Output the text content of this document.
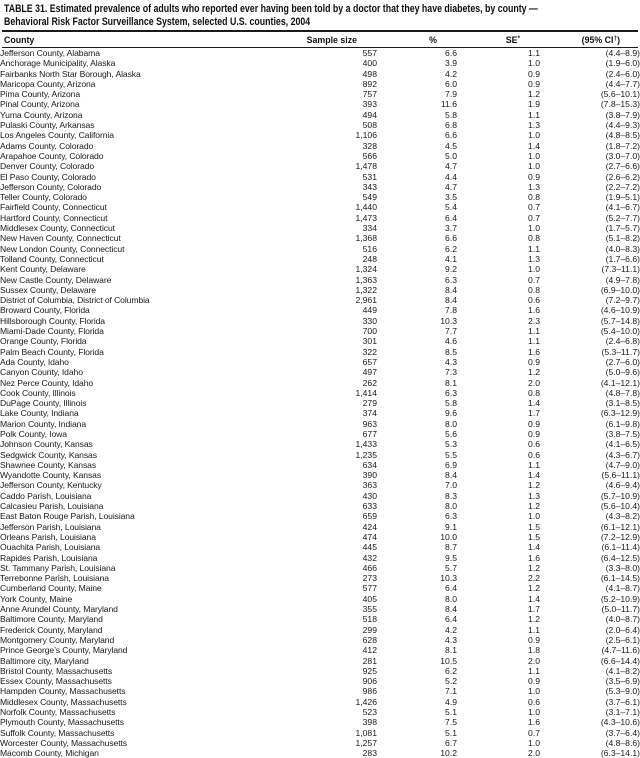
TABLE 31. Estimated prevalence of adults who reported ever having been told by a doctor that they have diabetes, by county —
Behavioral Risk Factor Surveillance System, selected U.S. counties, 2004
County	Sample size	%	SE*	(95% CI†)
Jefferson County, Alabama	557	6.6	1.1	(4.4–8.9)
Anchorage Municipality, Alaska	400	3.9	1.0	(1.9–6.0)
Fairbanks North Star Borough, Alaska	498	4.2	0.9	(2.4–6.0)
Maricopa County, Arizona	892	6.0	0.9	(4.4–7.7)
Pima County, Arizona	757	7.9	1.2	(5.6–10.1)
Pinal County, Arizona	393	11.6	1.9	(7.8–15.3)
Yuma County, Arizona	494	5.8	1.1	(3.8–7.9)
Pulaski County, Arkansas	508	6.8	1.3	(4.4–9.3)
Los Angeles County, California	1,106	6.6	1.0	(4.8–8.5)
Adams County, Colorado	328	4.5	1.4	(1.8–7.2)
Arapahoe County, Colorado	566	5.0	1.0	(3.0–7.0)
Denver County, Colorado	1,478	4.7	1.0	(2.7–6.6)
El Paso County, Colorado	531	4.4	0.9	(2.6–6.2)
Jefferson County, Colorado	343	4.7	1.3	(2.2–7.2)
Teller County, Colorado	549	3.5	0.8	(1.9–5.1)
Fairfield County, Connecticut	1,440	5.4	0.7	(4.1–6.7)
Hartford County, Connecticut	1,473	6.4	0.7	(5.2–7.7)
Middlesex County, Connecticut	334	3.7	1.0	(1.7–5.7)
New Haven County, Connecticut	1,368	6.6	0.8	(5.1–8.2)
New London County, Connecticut	516	6.2	1.1	(4.0–8.3)
Tolland County, Connecticut	248	4.1	1.3	(1.7–6.6)
Kent County, Delaware	1,324	9.2	1.0	(7.3–11.1)
New Castle County, Delaware	1,363	6.3	0.7	(4.9–7.8)
Sussex County, Delaware	1,322	8.4	0.8	(6.9–10.0)
District of Columbia, District of Columbia	2,961	8.4	0.6	(7.2–9.7)
Broward County, Florida	449	7.8	1.6	(4.6–10.9)
Hillsborough County, Florida	330	10.3	2.3	(5.7–14.8)
Miami-Dade County, Florida	700	7.7	1.1	(5.4–10.0)
Orange County, Florida	301	4.6	1.1	(2.4–6.8)
Palm Beach County, Florida	322	8.5	1.6	(5.3–11.7)
Ada County, Idaho	657	4.3	0.9	(2.7–6.0)
Canyon County, Idaho	497	7.3	1.2	(5.0–9.6)
Nez Perce County, Idaho	262	8.1	2.0	(4.1–12.1)
Cook County, Illinois	1,414	6.3	0.8	(4.8–7.8)
DuPage County, Illinois	279	5.8	1.4	(3.1–8.5)
Lake County, Indiana	374	9.6	1.7	(6.3–12.9)
Marion County, Indiana	963	8.0	0.9	(6.1–9.8)
Polk County, Iowa	677	5.6	0.9	(3.8–7.5)
Johnson County, Kansas	1,433	5.3	0.6	(4.1–6.5)
Sedgwick County, Kansas	1,235	5.5	0.6	(4.3–6.7)
Shawnee County, Kansas	634	6.9	1.1	(4.7–9.0)
Wyandotte County, Kansas	390	8.4	1.4	(5.6–11.1)
Jefferson County, Kentucky	363	7.0	1.2	(4.6–9.4)
Caddo Parish, Louisiana	430	8.3	1.3	(5.7–10.9)
Calcasieu Parish, Louisiana	633	8.0	1.2	(5.6–10.4)
East Baton Rouge Parish, Louisiana	659	6.3	1.0	(4.3–8.2)
Jefferson Parish, Louisiana	424	9.1	1.5	(6.1–12.1)
Orleans Parish, Louisiana	474	10.0	1.5	(7.2–12.9)
Ouachita Parish, Louisiana	445	8.7	1.4	(6.1–11.4)
Rapides Parish, Louisiana	432	9.5	1.6	(6.4–12.5)
St. Tammany Parish, Louisiana	466	5.7	1.2	(3.3–8.0)
Terrebonne Parish, Louisiana	273	10.3	2.2	(6.1–14.5)
Cumberland County, Maine	577	6.4	1.2	(4.1–8.7)
York County, Maine	405	8.0	1.4	(5.2–10.9)
Anne Arundel County, Maryland	355	8.4	1.7	(5.0–11.7)
Baltimore County, Maryland	518	6.4	1.2	(4.0–8.7)
Frederick County, Maryland	299	4.2	1.1	(2.0–6.4)
Montgomery County, Maryland	628	4.3	0.9	(2.5–6.1)
Prince George’s County, Maryland	412	8.1	1.8	(4.7–11.6)
Baltimore city, Maryland	281	10.5	2.0	(6.6–14.4)
Bristol County, Massachusetts	925	6.2	1.1	(4.1–8.2)
Essex County, Massachusetts	906	5.2	0.9	(3.5–6.9)
Hampden County, Massachusetts	986	7.1	1.0	(5.3–9.0)
Middlesex County, Massachusetts	1,426	4.9	0.6	(3.7–6.1)
Norfolk County, Massachusetts	523	5.1	1.0	(3.1–7.1)
Plymouth County, Massachusetts	398	7.5	1.6	(4.3–10.6)
Suffolk County, Massachusetts	1,081	5.1	0.7	(3.7–6.4)
Worcester County, Massachusetts	1,257	6.7	1.0	(4.8–8.6)
Macomb County, Michigan	283	10.2	2.0	(6.3–14.1)
